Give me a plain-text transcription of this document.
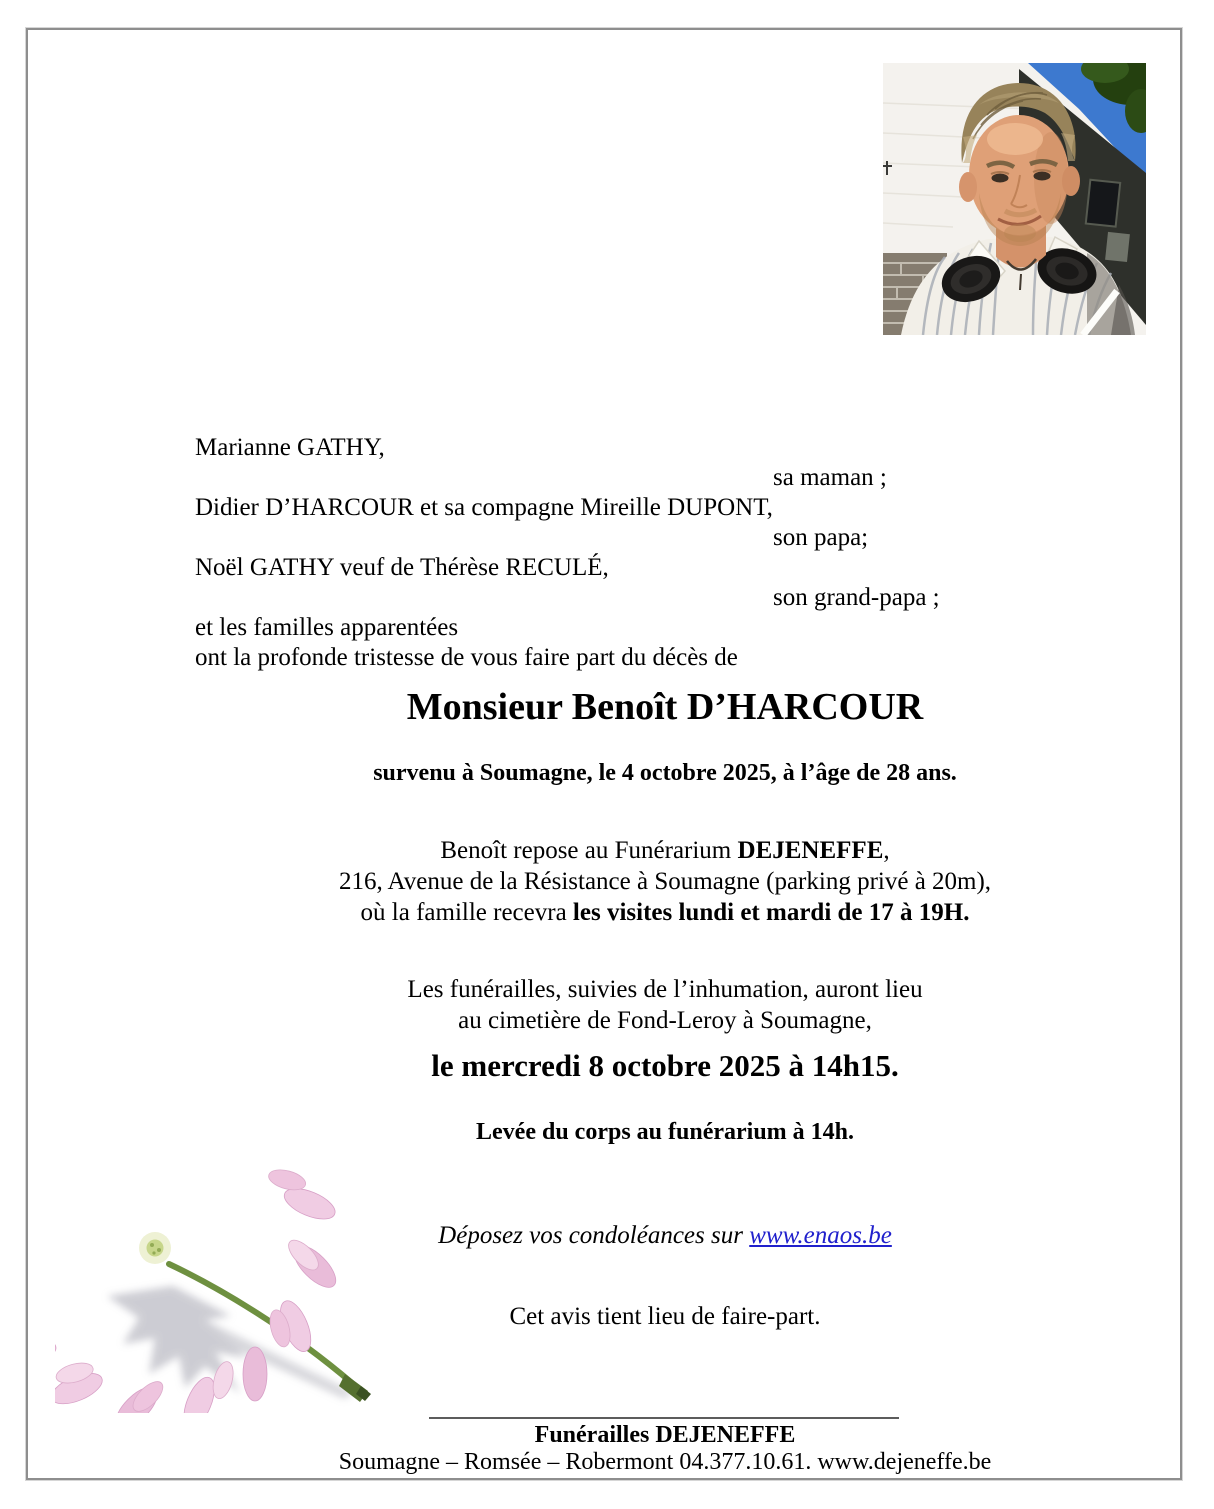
Marianne GATHY,
sa maman ;
Didier D’HARCOUR et sa compagne Mireille DUPONT,
son papa;
Noël GATHY veuf de Thérèse RECULÉ,
son grand-papa ;
et les familles apparentées
ont la profonde tristesse de vous faire part du décès de
Monsieur Benoît D’HARCOUR
survenu à Soumagne, le 4 octobre 2025, à l’âge de 28 ans.
Benoît repose au Funérarium DEJENEFFE,
216, Avenue de la Résistance à Soumagne (parking privé à 20m),
où la famille recevra les visites lundi et mardi de 17 à 19H.
Les funérailles, suivies de l’inhumation, auront lieu
au cimetière de Fond-Leroy à Soumagne,
le mercredi 8 octobre 2025 à 14h15.
Levée du corps au funérarium à 14h.
Déposez vos condoléances sur www.enaos.be
Cet avis tient lieu de faire-part.
Funérailles DEJENEFFE
Soumagne – Romsée – Robermont 04.377.10.61. www.dejeneffe.be
